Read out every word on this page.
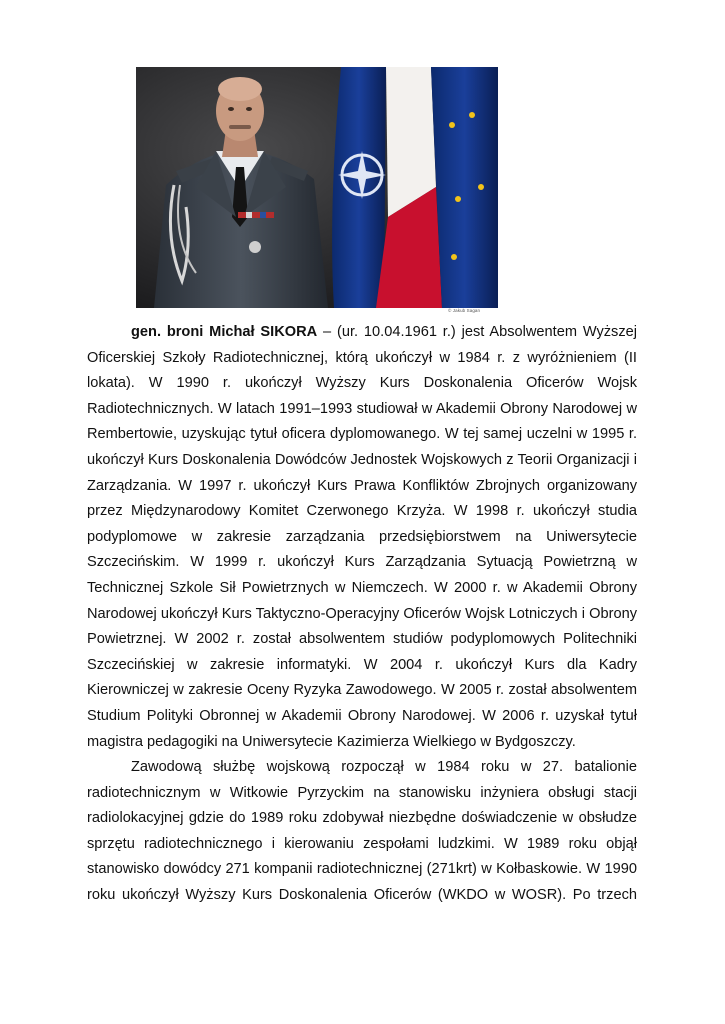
© Jakub Sagan

gen. broni Michał SIKORA – (ur. 10.04.1961 r.) jest Absolwentem Wyższej Oficerskiej Szkoły Radiotechnicznej, którą ukończył w 1984 r. z wyróżnieniem (II lokata). W 1990 r. ukończył Wyższy Kurs Doskonalenia Oficerów Wojsk Radiotechnicznych. W latach 1991–1993 studiował w Akademii Obrony Narodowej w Rembertowie, uzyskując tytuł oficera dyplomowanego. W tej samej uczelni w 1995 r. ukończył Kurs Doskonalenia Dowódców Jednostek Wojskowych z Teorii Organizacji i Zarządzania. W 1997 r. ukończył Kurs Prawa Konfliktów Zbrojnych organizowany przez Międzynarodowy Komitet Czerwonego Krzyża. W 1998 r. ukończył studia podyplomowe w zakresie zarządzania przedsiębiorstwem na Uniwersytecie Szczecińskim. W 1999 r. ukończył Kurs Zarządzania Sytuacją Powietrzną w Technicznej Szkole Sił Powietrznych w Niemczech. W 2000 r. w Akademii Obrony Narodowej ukończył Kurs Taktyczno-Operacyjny Oficerów Wojsk Lotniczych i Obrony Powietrznej. W 2002 r. został absolwentem studiów podyplomowych Politechniki Szczecińskiej w zakresie informatyki. W 2004 r. ukończył Kurs dla Kadry Kierowniczej w zakresie Oceny Ryzyka Zawodowego. W 2005 r. został absolwentem Studium Polityki Obronnej w Akademii Obrony Narodowej. W 2006 r. uzyskał tytuł magistra pedagogiki na Uniwersytecie Kazimierza Wielkiego w Bydgoszczy.

Zawodową służbę wojskową rozpoczął w 1984 roku w 27. batalionie radiotechnicznym w Witkowie Pyrzyckim na stanowisku inżyniera obsługi stacji radiolokacyjnej gdzie do 1989 roku zdobywał niezbędne doświadczenie w obsłudze sprzętu radiotechnicznego i kierowaniu zespołami ludzkimi. W 1989 roku objął stanowisko dowódcy 271 kompanii radiotechnicznej (271krt) w Kołbaskowie. W 1990 roku ukończył Wyższy Kurs Doskonalenia Oficerów (WKDO w WOSR). Po trzech
